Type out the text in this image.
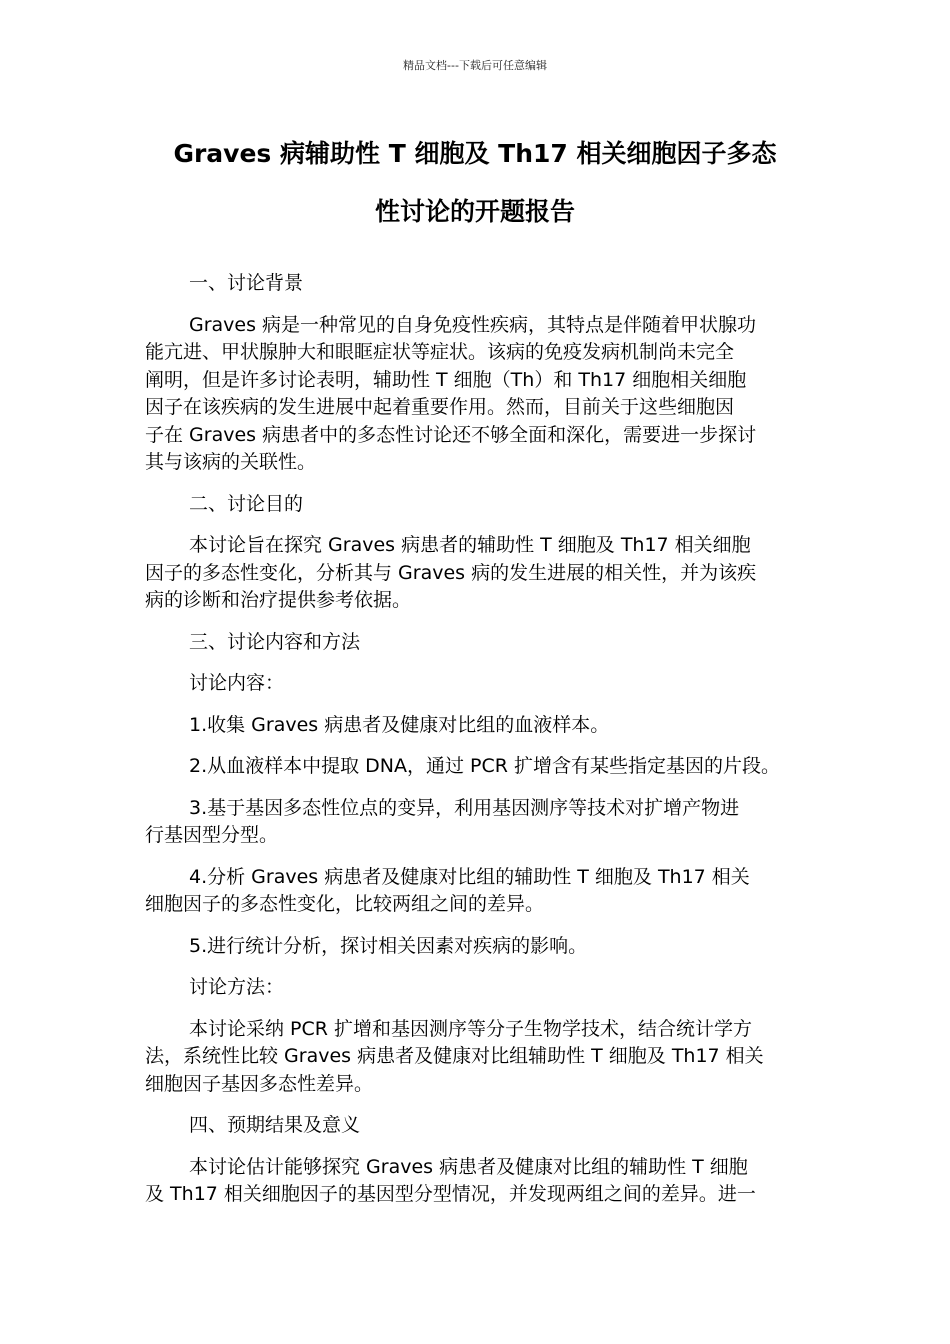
精品文档---下载后可任意编辑
Graves 病辅助性 T 细胞及 Th17 相关细胞因子多态
性讨论的开题报告
一、讨论背景
Graves 病是一种常见的自身免疫性疾病，其特点是伴随着甲状腺功
能亢进、甲状腺肿大和眼眶症状等症状。该病的免疫发病机制尚未完全
阐明，但是许多讨论表明，辅助性 T 细胞（Th）和 Th17 细胞相关细胞
因子在该疾病的发生进展中起着重要作用。然而，目前关于这些细胞因
子在 Graves 病患者中的多态性讨论还不够全面和深化，需要进一步探讨
其与该病的关联性。
二、讨论目的
本讨论旨在探究 Graves 病患者的辅助性 T 细胞及 Th17 相关细胞
因子的多态性变化，分析其与 Graves 病的发生进展的相关性，并为该疾
病的诊断和治疗提供参考依据。
三、讨论内容和方法
讨论内容：
1.收集 Graves 病患者及健康对比组的血液样本。
2.从血液样本中提取 DNA，通过 PCR 扩增含有某些指定基因的片段。
3.基于基因多态性位点的变异，利用基因测序等技术对扩增产物进
行基因型分型。
4.分析 Graves 病患者及健康对比组的辅助性 T 细胞及 Th17 相关
细胞因子的多态性变化，比较两组之间的差异。
5.进行统计分析，探讨相关因素对疾病的影响。
讨论方法：
本讨论采纳 PCR 扩增和基因测序等分子生物学技术，结合统计学方
法，系统性比较 Graves 病患者及健康对比组辅助性 T 细胞及 Th17 相关
细胞因子基因多态性差异。
四、预期结果及意义
本讨论估计能够探究 Graves 病患者及健康对比组的辅助性 T 细胞
及 Th17 相关细胞因子的基因型分型情况，并发现两组之间的差异。进一
